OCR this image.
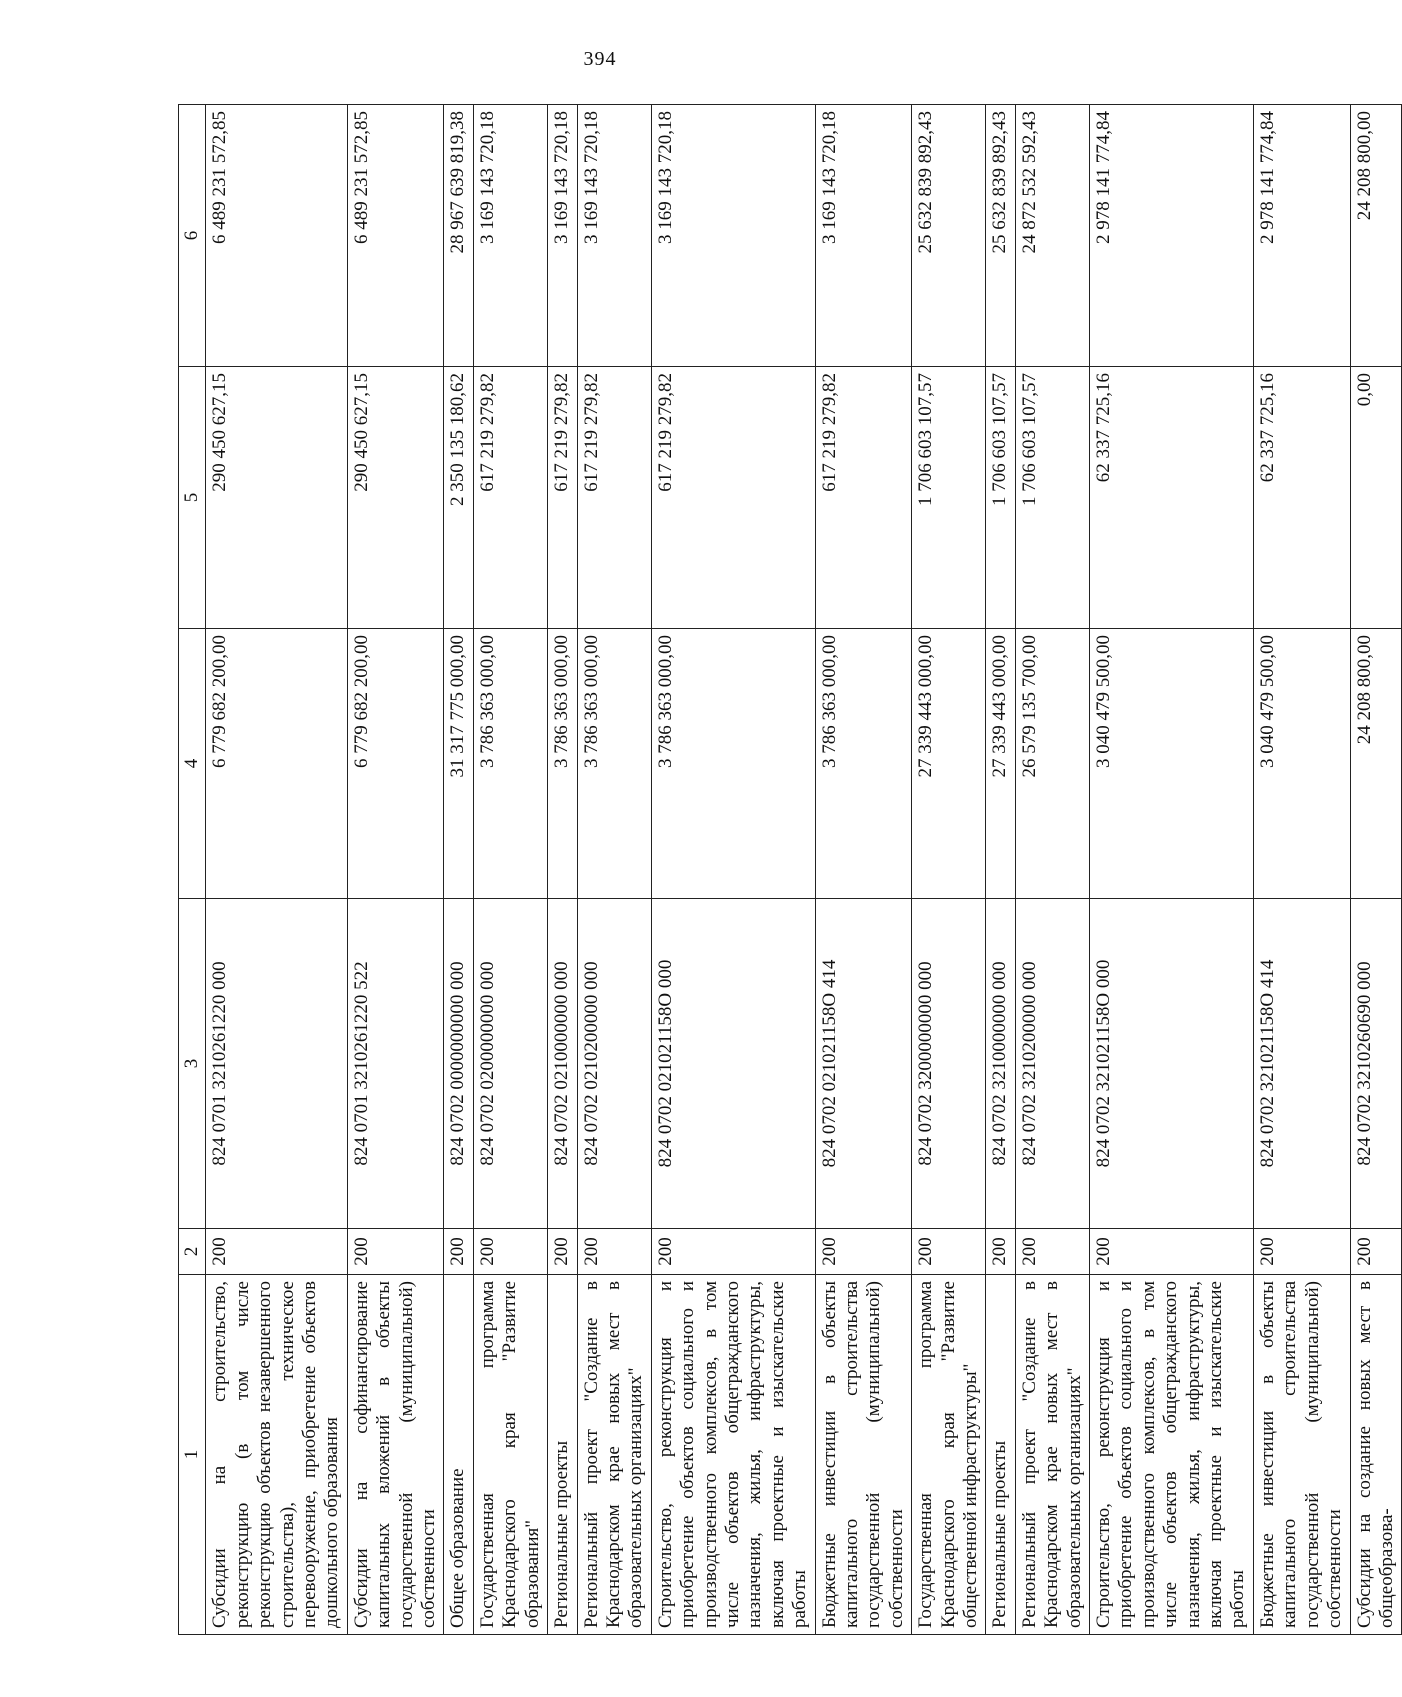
394
1	2	3	4	5	6
Субсидии на строительство, реконструкцию (в том числе реконструкцию объектов незавершенного строительства), техническое перевооружение, приобретение объектов дошкольного образования	200	824 0701 3210261220 000	6 779 682 200,00	290 450 627,15	6 489 231 572,85
Субсидии на софинансирование капитальных вложений в объекты государственной (муниципальной) собственности	200	824 0701 3210261220 522	6 779 682 200,00	290 450 627,15	6 489 231 572,85
Общее образование	200	824 0702 0000000000 000	31 317 775 000,00	2 350 135 180,62	28 967 639 819,38
Государственная программа Краснодарского края "Развитие образования"	200	824 0702 0200000000 000	3 786 363 000,00	617 219 279,82	3 169 143 720,18
Региональные проекты	200	824 0702 0210000000 000	3 786 363 000,00	617 219 279,82	3 169 143 720,18
Региональный проект "Создание в Краснодарском крае новых мест в образовательных организациях"	200	824 0702 0210200000 000	3 786 363 000,00	617 219 279,82	3 169 143 720,18
Строительство, реконструкция и приобретение объектов социального и производственного комплексов, в том числе объектов общегражданского назначения, жилья, инфраструктуры, включая проектные и изыскательские работы	200	824 0702 021021158O 000	3 786 363 000,00	617 219 279,82	3 169 143 720,18
Бюджетные инвестиции в объекты капитального строительства государственной (муниципальной) собственности	200	824 0702 021021158O 414	3 786 363 000,00	617 219 279,82	3 169 143 720,18
Государственная программа Краснодарского края "Развитие общественной инфраструктуры"	200	824 0702 3200000000 000	27 339 443 000,00	1 706 603 107,57	25 632 839 892,43
Региональные проекты	200	824 0702 3210000000 000	27 339 443 000,00	1 706 603 107,57	25 632 839 892,43
Региональный проект "Создание в Краснодарском крае новых мест в образовательных организациях"	200	824 0702 3210200000 000	26 579 135 700,00	1 706 603 107,57	24 872 532 592,43
Строительство, реконструкция и приобретение объектов социального и производственного комплексов, в том числе объектов общегражданского назначения, жилья, инфраструктуры, включая проектные и изыскательские работы	200	824 0702 321021158O 000	3 040 479 500,00	62 337 725,16	2 978 141 774,84
Бюджетные инвестиции в объекты капитального строительства государственной (муниципальной) собственности	200	824 0702 321021158O 414	3 040 479 500,00	62 337 725,16	2 978 141 774,84
Субсидии на создание новых мест в общеобразова-	200	824 0702 3210260690 000	24 208 800,00	0,00	24 208 800,00
